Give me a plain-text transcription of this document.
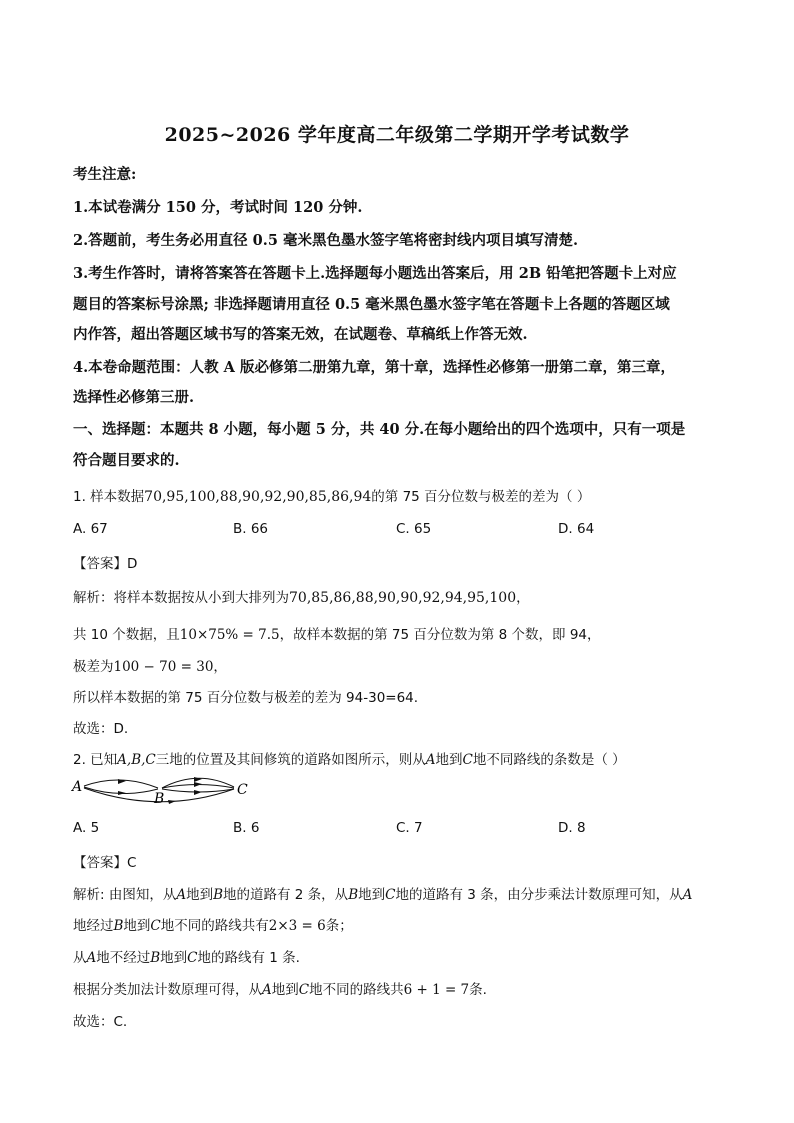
2025~2026 学年度高二年级第二学期开学考试数学
考生注意:
1.本试卷满分 150 分，考试时间 120 分钟.
2.答题前，考生务必用直径 0.5 毫米黑色墨水签字笔将密封线内项目填写清楚.
3.考生作答时，请将答案答在答题卡上.选择题每小题选出答案后，用 2B 铅笔把答题卡上对应
题目的答案标号涂黑; 非选择题请用直径 0.5 毫米黑色墨水签字笔在答题卡上各题的答题区域
内作答，超出答题区域书写的答案无效，在试题卷、草稿纸上作答无效.
4.本卷命题范围：人教 A 版必修第二册第九章，第十章，选择性必修第一册第二章，第三章，
选择性必修第三册.
一、选择题：本题共 8 小题，每小题 5 分，共 40 分.在每小题给出的四个选项中，只有一项是
符合题目要求的.
1. 样本数据70,95,100,88,90,92,90,85,86,94的第 75 百分位数与极差的差为（ ）
A. 67	B. 66	C. 65	D. 64
【答案】D
解析：将样本数据按从小到大排列为70,85,86,88,90,90,92,94,95,100，
共 10 个数据，且10×75% = 7.5，故样本数据的第 75 百分位数为第 8 个数，即 94，
极差为100 − 70 = 30，
所以样本数据的第 75 百分位数与极差的差为 94-30=64.
故选：D.
2. 已知A,B,C三地的位置及其间修筑的道路如图所示，则从A地到C地不同路线的条数是（ ）
A
B
C
A. 5	B. 6	C. 7	D. 8
【答案】C
解析: 由图知，从A地到B地的道路有 2 条，从B地到C地的道路有 3 条，由分步乘法计数原理可知，从A
地经过B地到C地不同的路线共有2×3 = 6条；
从A地不经过B地到C地的路线有 1 条.
根据分类加法计数原理可得，从A地到C地不同的路线共6 + 1 = 7条.
故选：C.
